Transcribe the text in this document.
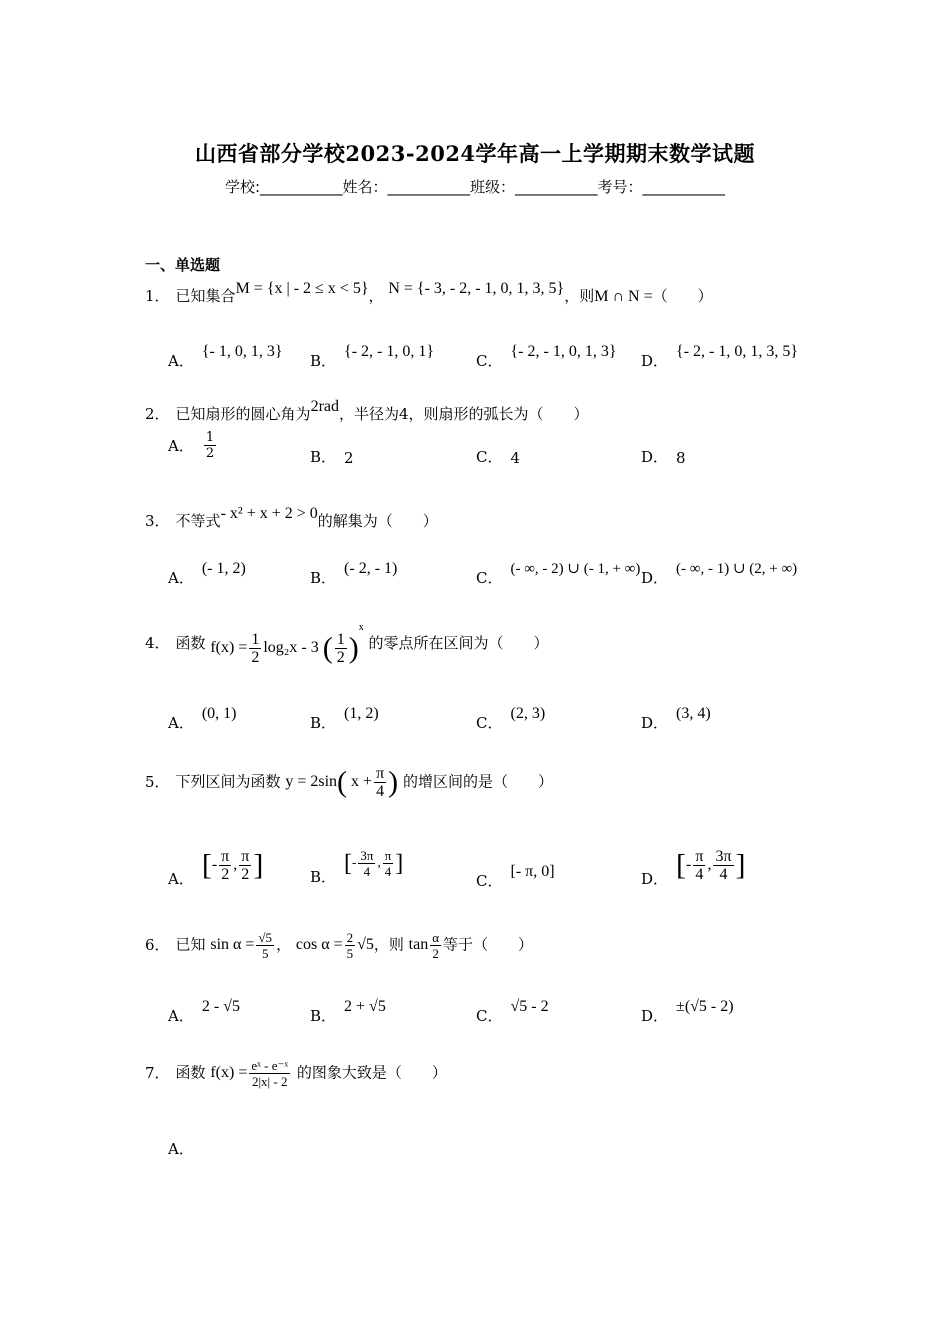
山西省部分学校2023-2024学年高一上学期期末数学试题
学校:___________姓名：___________班级：___________考号：___________
一、单选题
1． 已知集合M = {x | - 2 ≤ x < 5}， N = {- 3, - 2, - 1, 0, 1, 3, 5}，则M ∩ N =（　　）
A．{- 1, 0, 1, 3}
B．{- 2, - 1, 0, 1}
C．{- 2, - 1, 0, 1, 3}
D．{- 2, - 1, 0, 1, 3, 5}
2． 已知扇形的圆心角为2rad，半径为4，则扇形的弧长为（　　）
A． $\frac{1}{2}$	B． 2	C． 4	D． 8
3． 不等式- x² + x + 2 > 0的解集为（　　）
A．(- 1, 2)
B．(- 2, - 1)
C． (- ∞, - 2) ∪ (- 1, + ∞) D． (- ∞, - 1) ∪ (2, + ∞)
4． 函数 $f(x) = \frac{1}{2} \log_2x - 3$ ( $\frac{1}{2} )^x$ 的零点所在区间为（　　）
A．(0, 1)
B．(1, 2)
C．(2, 3)
D．(3, 4)
5． 下列区间为函数 y = 2sin( $x + \frac{\pi}{4}$ ) 的增区间的是（　　）
A． [- $\frac{\pi}{2}$ , $\frac{\pi}{2}$ ]	B． [- $\frac{3\pi}{4}$ , $\frac{\pi}{4}$ ]
C．[- π, 0]	D． [- $\frac{\pi}{4}$ , $\frac{3\pi}{4}$ ]
6． 已知 $\sin \alpha = \frac{√5}{5}$ ， $\cos \alpha = \frac{2}{5} √5$，则 $\tan \frac{\alpha}{2}$ 等于（　　）
A．2 - √5
B．2 + √5
C．√5 - 2
D．±(√5 - 2)
7． 函数 $f(x) = \frac{\text{eˣ - e⁻ˣ}}{2|x| - 2}$ 的图象大致是（　　）
A．
